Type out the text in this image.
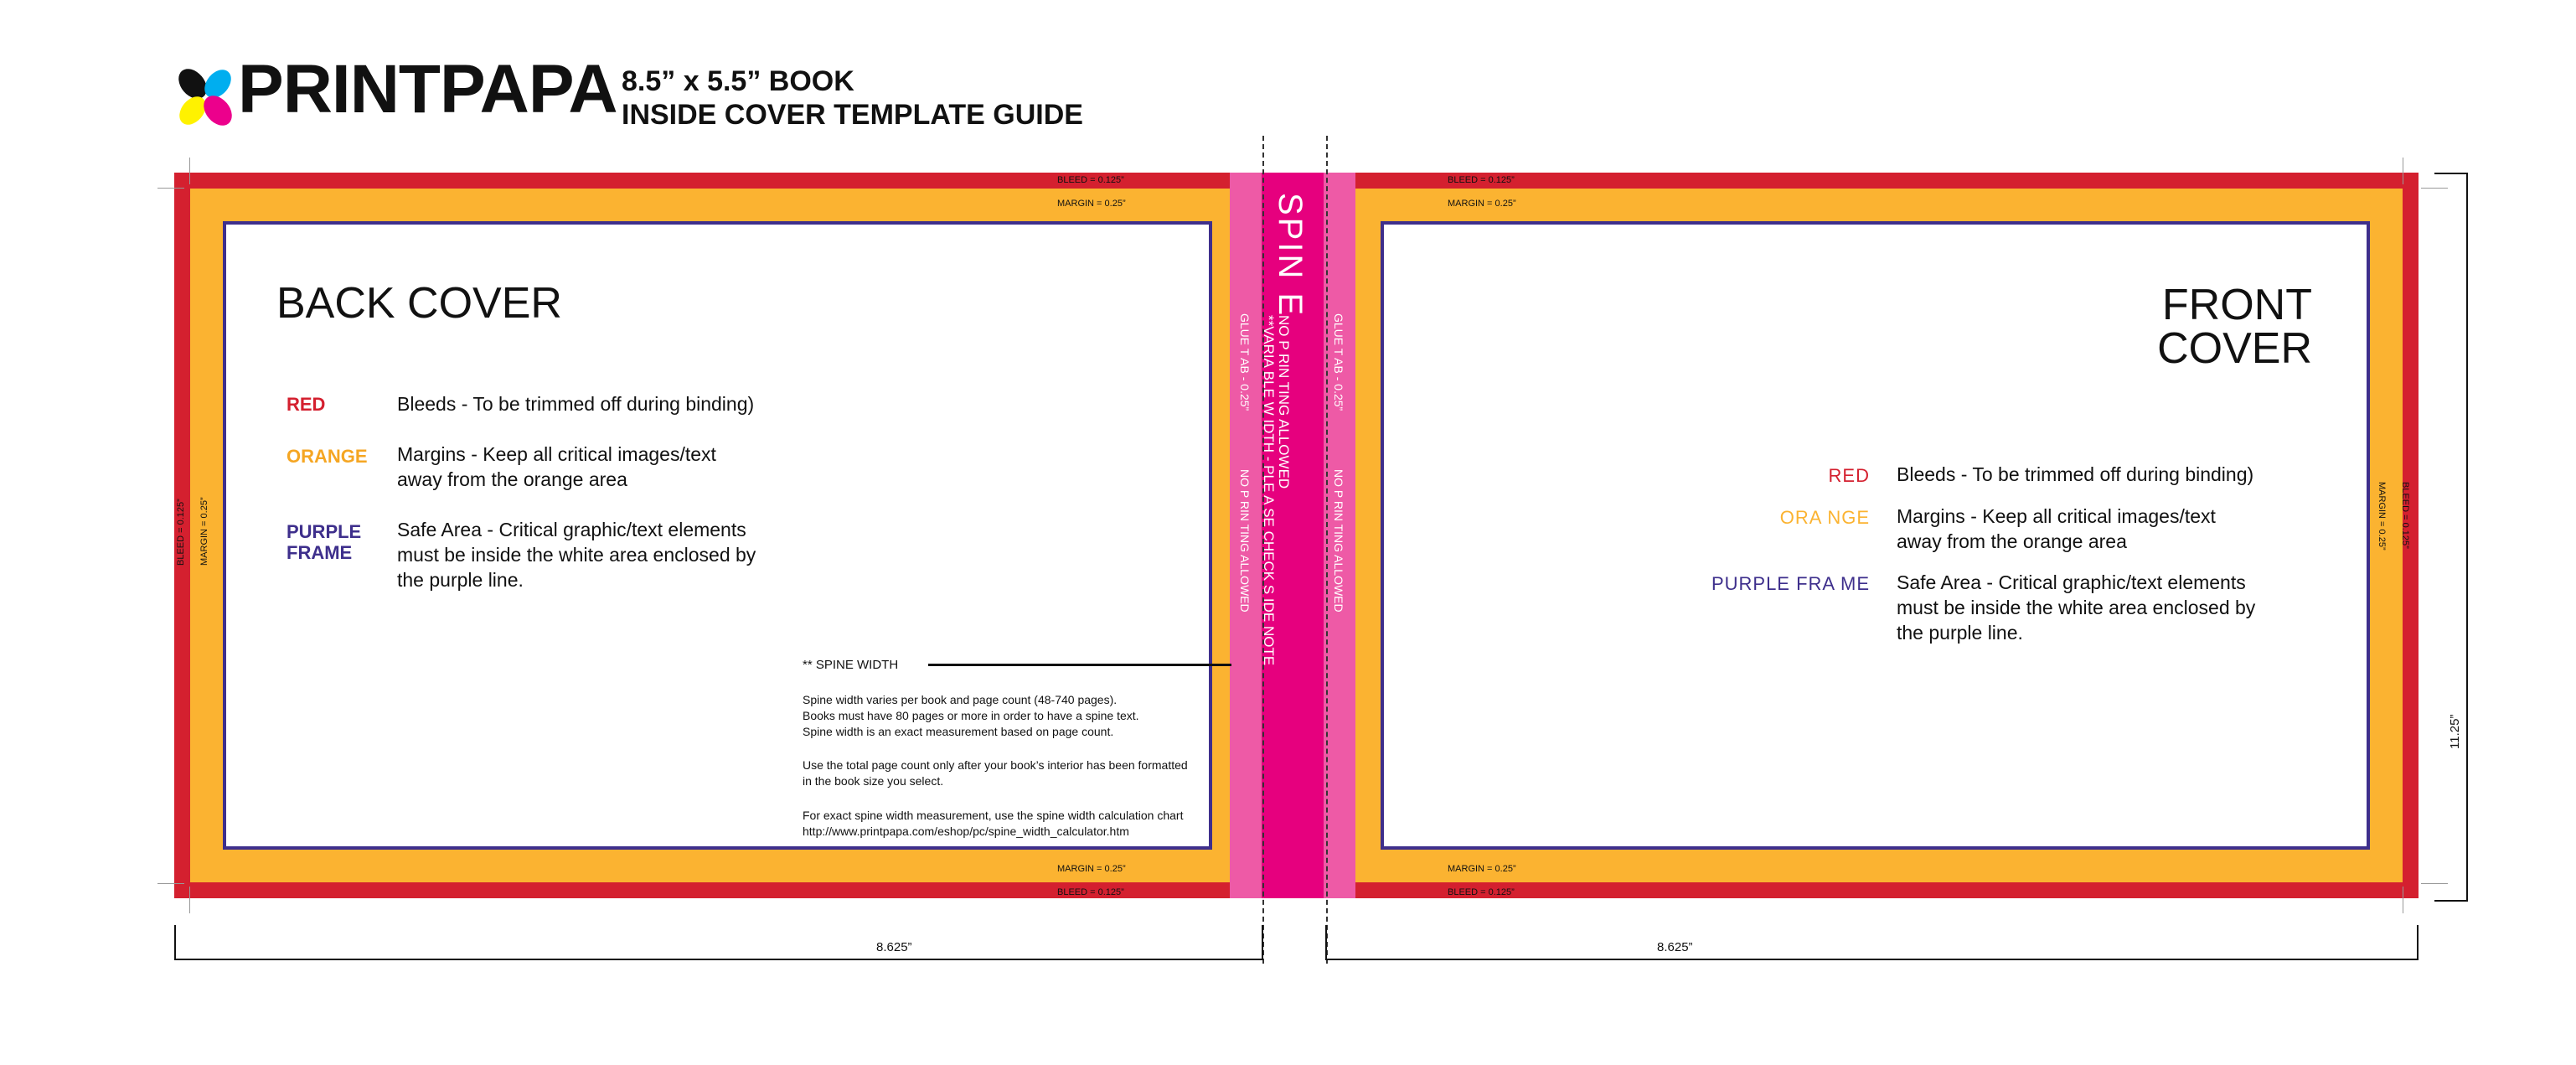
PRINTPAPA 8.5” x 5.5” BOOK
INSIDE COVER TEMPLATE GUIDE
GLUE T AB - 0.25”
NO P RIN TING ALLOWED
SPIN E
NO P RIN TING ALLOWED
**VARIA BLE W IDTH - PLE A SE CHECK S IDE NOTE	GLUE T AB - 0.25”
NO P RIN TING ALLOWED
BLEED = 0.125”
MARGIN = 0.25”
MARGIN = 0.25”
BLEED = 0.125”
BLEED = 0.125”
MARGIN = 0.25”
MARGIN = 0.25”
BLEED = 0.125”
BLEED = 0.125” MARGIN = 0.25”	BLEED = 0.125”
MARGIN = 0.25”
BACK COVER
RED	Bleeds - To be trimmed off during binding)
ORANGE Margins - Keep all critical images/text away from the orange area
PURPLE FRAME
Safe Area - Critical graphic/text elements must be inside the white area enclosed by the purple line.
** SPINE WIDTH
Spine width varies per book and page count (48-740 pages).
Books must have 80 pages or more in order to have a spine text.
Spine width is an exact measurement based on page count.
Use the total page count only after your book’s interior has been formatted
in the book size you select.
For exact spine width measurement, use the spine width calculation chart
http://www.printpapa.com/eshop/pc/spine_width_calculator.htm
FRONT COVER
RED Bleeds - To be trimmed off during binding)
ORA NGE Margins - Keep all critical images/text away from the orange area
PURPLE FRA ME Safe Area - Critical graphic/text elements must be inside the white area enclosed by the purple line.
8.625”	8.625”
11.25”
